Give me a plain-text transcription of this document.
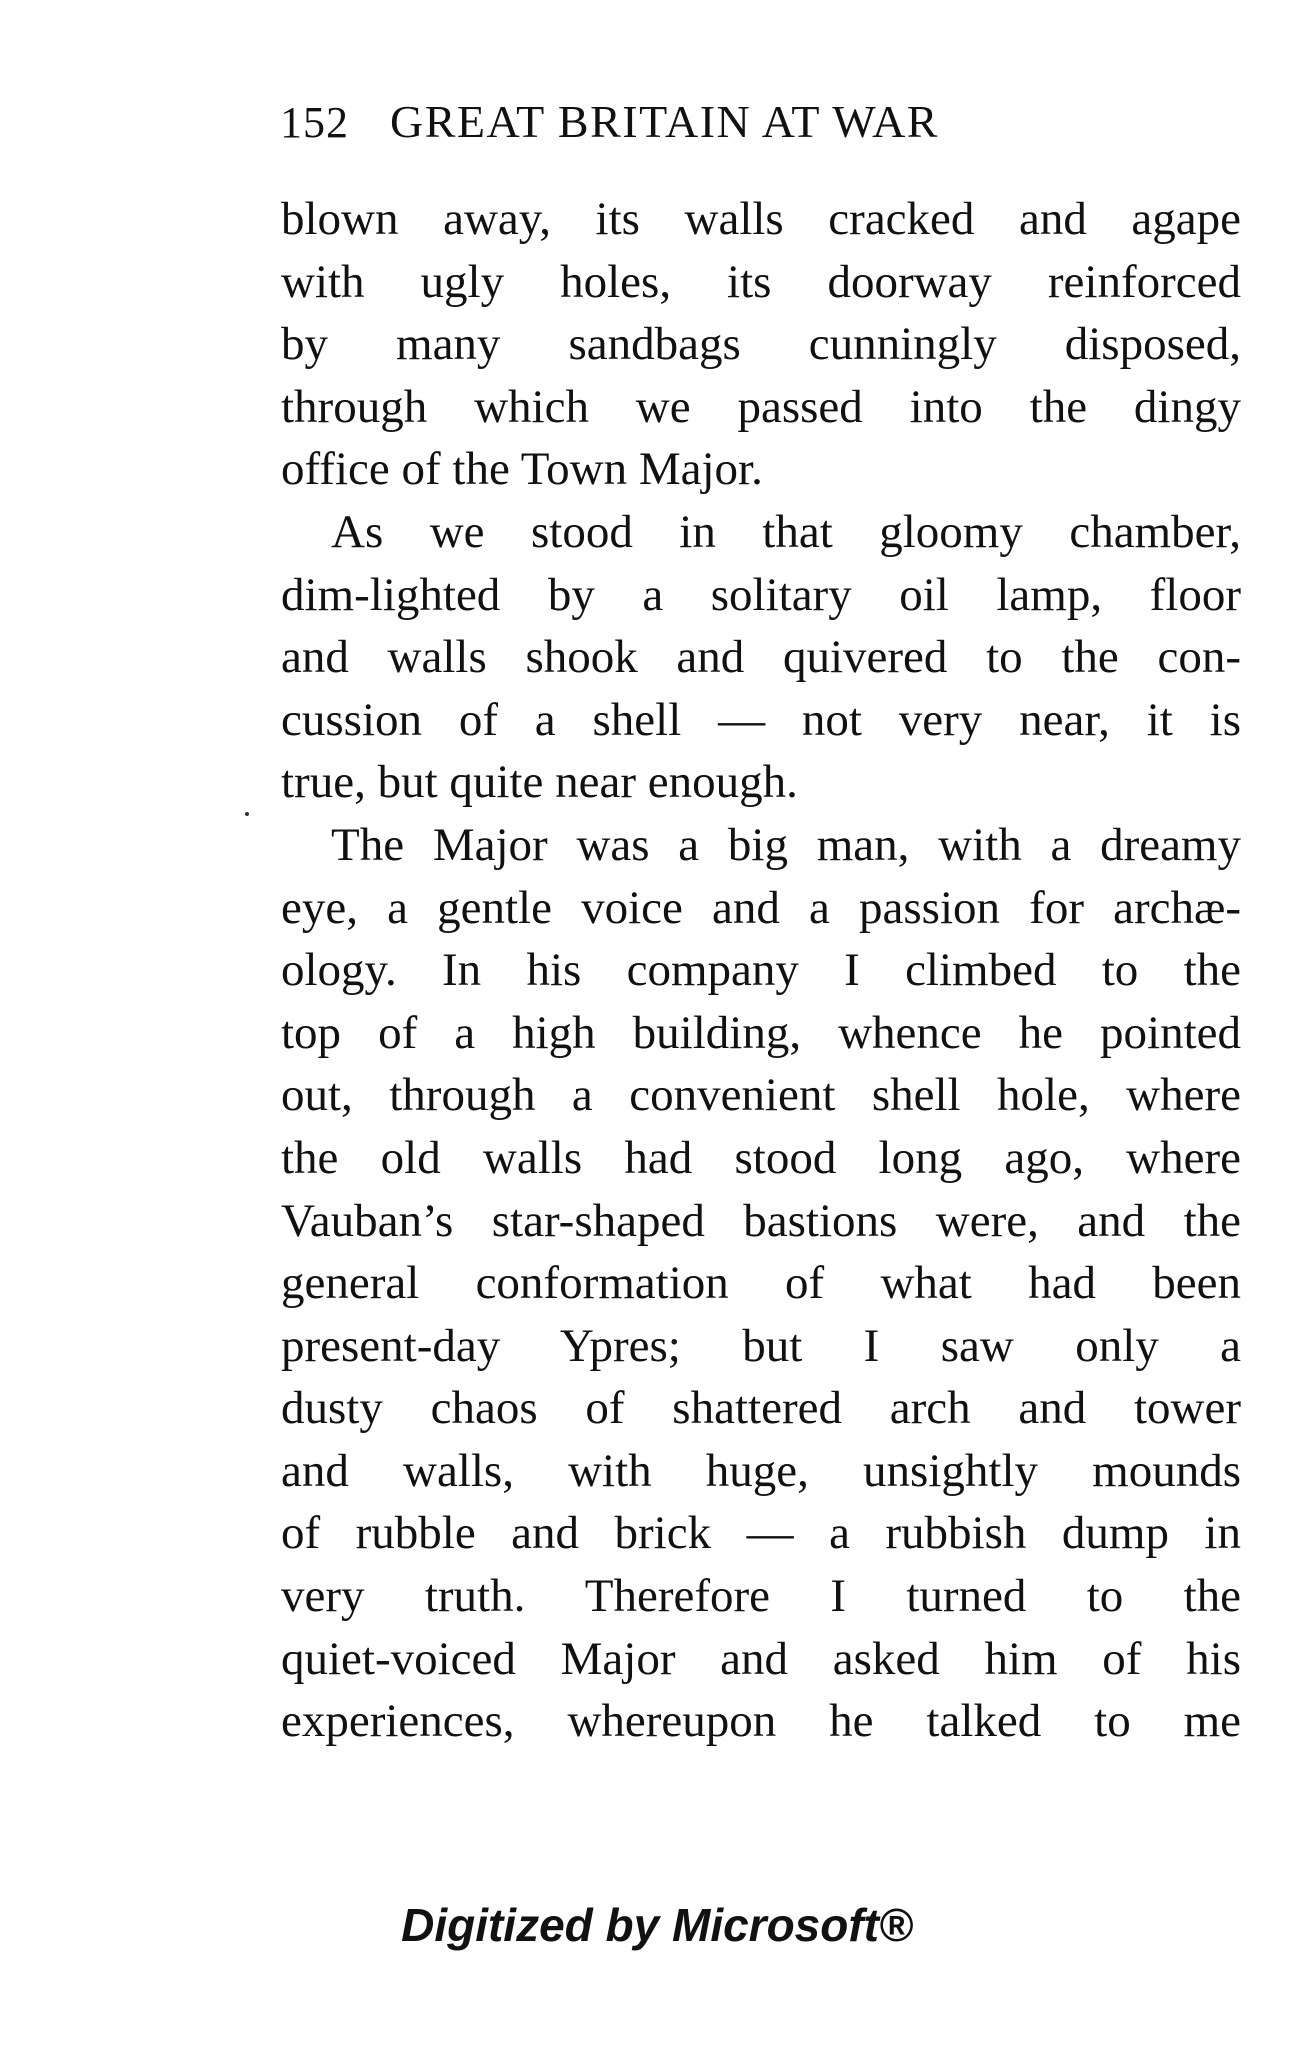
152 GREAT BRITAIN AT WAR
blown away, its walls cracked and agape
with ugly holes, its doorway reinforced
by many sandbags cunningly disposed,
through which we passed into the dingy
office of the Town Major.
As we stood in that gloomy chamber,
dim-lighted by a solitary oil lamp, floor
and walls shook and quivered to the con-
cussion of a shell — not very near, it is
true, but quite near enough.
The Major was a big man, with a dreamy
eye, a gentle voice and a passion for archæ-
ology. In his company I climbed to the
top of a high building, whence he pointed
out, through a convenient shell hole, where
the old walls had stood long ago, where
Vauban’s star-shaped bastions were, and the
general conformation of what had been
present-day Ypres; but I saw only a
dusty chaos of shattered arch and tower
and walls, with huge, unsightly mounds
of rubble and brick — a rubbish dump in
very truth. Therefore I turned to the
quiet-voiced Major and asked him of his
experiences, whereupon he talked to me
Digitized by Microsoft®
